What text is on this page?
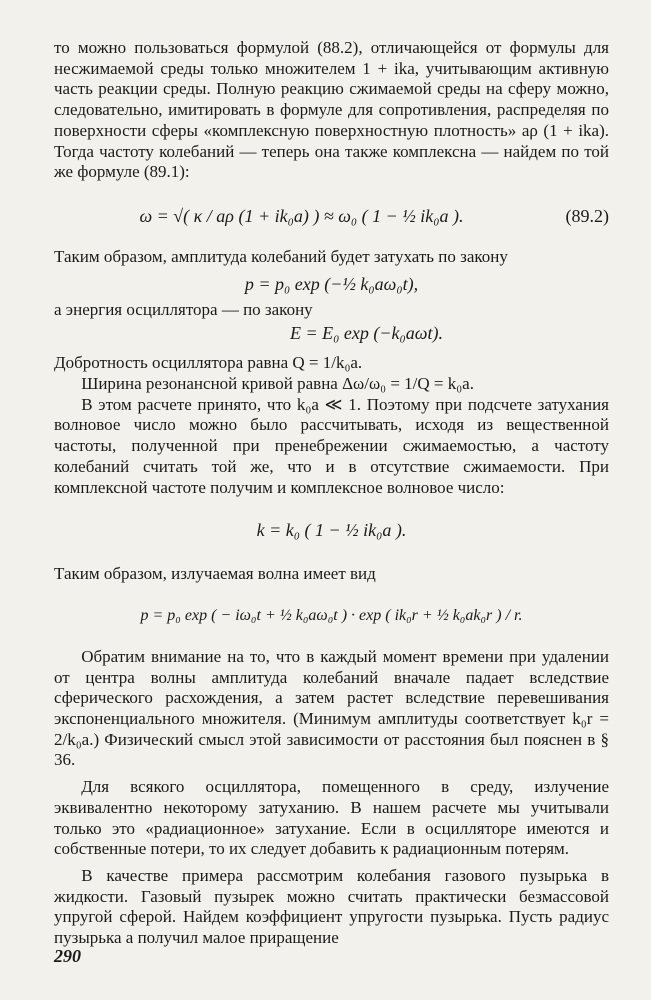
то можно пользоваться формулой (88.2), отличающейся от формулы для несжимаемой среды только множителем 1 + ika, учитывающим активную часть реакции среды. Полную реакцию сжимаемой среды на сферу можно, следовательно, имитировать в формуле для сопротивления, распределяя по поверхности сферы «комплексную поверхностную плотность» aρ (1 + ika). Тогда частоту колебаний — теперь она также комплексна — найдем по той же формуле (89.1):

ω = √( κ / aρ (1 + ik₀a) ) ≈ ω₀ ( 1 − ½ ik₀a ).	(89.2)

Таким образом, амплитуда колебаний будет затухать по закону

p = p₀ exp (−½ k₀aω₀t),

а энергия осциллятора — по закону

E = E₀ exp (−k₀aωt).

Добротность осциллятора равна Q = 1/k₀a.

Ширина резонансной кривой равна Δω/ω₀ = 1/Q = k₀a.

В этом расчете принято, что k₀a ≪ 1. Поэтому при подсчете затухания волновое число можно было рассчитывать, исходя из вещественной частоты, полученной при пренебрежении сжимаемостью, а частоту колебаний считать той же, что и в отсутствие сжимаемости. При комплексной частоте получим и комплексное волновое число:

k = k₀ ( 1 − ½ ik₀a ).

Таким образом, излучаемая волна имеет вид

p = p₀ exp ( − iω₀t + ½ k₀aω₀t ) · exp ( ik₀r + ½ k₀ak₀r ) / r.

Обратим внимание на то, что в каждый момент времени при удалении от центра волны амплитуда колебаний вначале падает вследствие сферического расхождения, а затем растет вследствие перевешивания экспоненциального множителя. (Минимум амплитуды соответствует k₀r = 2/k₀a.) Физический смысл этой зависимости от расстояния был пояснен в § 36.

Для всякого осциллятора, помещенного в среду, излучение эквивалентно некоторому затуханию. В нашем расчете мы учитывали только это «радиационное» затухание. Если в осцилляторе имеются и собственные потери, то их следует добавить к радиационным потерям.

В качестве примера рассмотрим колебания газового пузырька в жидкости. Газовый пузырек можно считать практически безмассовой упругой сферой. Найдем коэффициент упругости пузырька. Пусть радиус пузырька a получил малое приращение

290
